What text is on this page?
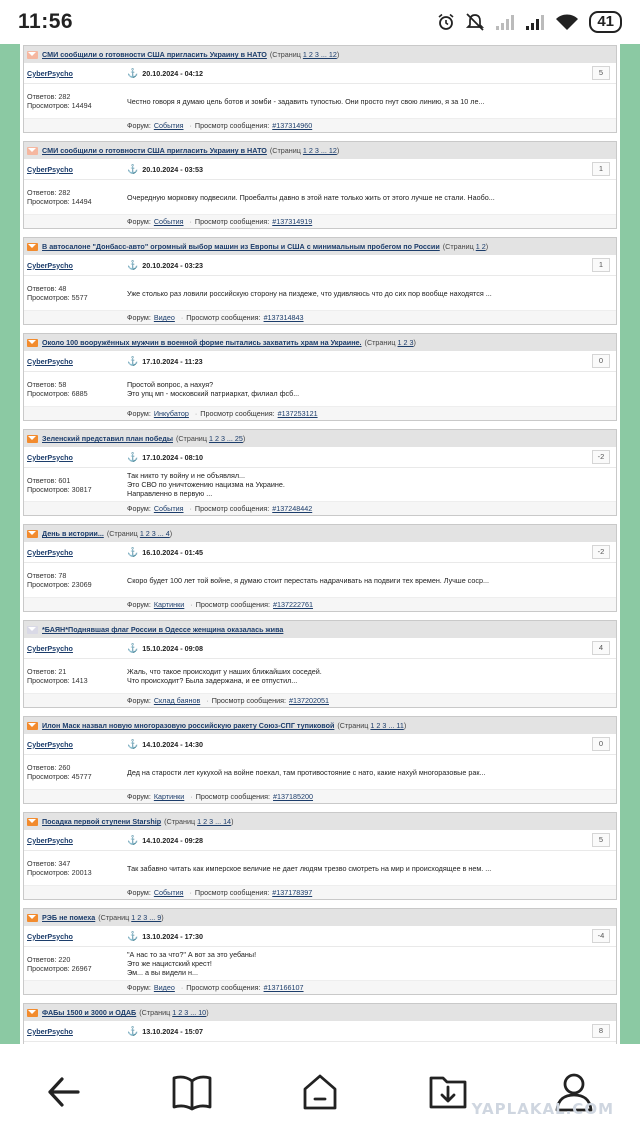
11:56	41
СМИ сообщили о готовности США пригласить Украину в НАТО (Страниц 1 2 3 ... 12)
CyberPsycho	⚓ 20.10.2024 - 04:12	5
Ответов: 282
Просмотров: 14494	Честно говоря я думаю цель ботов и зомби - задавить тупостью. Они просто гнут свою линию, я за 10 ле...
Форум: События · Просмотр сообщения: #137314960
СМИ сообщили о готовности США пригласить Украину в НАТО (Страниц 1 2 3 ... 12)
CyberPsycho	⚓ 20.10.2024 - 03:53	1
Ответов: 282
Просмотров: 14494	Очередную морковку подвесили. Проебалты давно в этой нате только жить от этого лучше не стали. Наобо...
Форум: События · Просмотр сообщения: #137314919
В автосалоне "Донбасс-авто" огромный выбор машин из Европы и США с минимальным пробегом по России (Страниц 1 2)
CyberPsycho	⚓ 20.10.2024 - 03:23	1
Ответов: 48
Просмотров: 5577	Уже столько раз ловили российскую сторону на пиздеже, что удивляюсь что до сих пор вообще находятся ...
Форум: Видео · Просмотр сообщения: #137314843
Около 100 вооружённых мужчин в военной форме пытались захватить храм на Украине. (Страниц 1 2 3)
CyberPsycho	⚓ 17.10.2024 - 11:23	0
Ответов: 58
Просмотров: 6885
Простой вопрос, а нахуя?
Это упц мп - московский патриархат, филиал фсб...
Форум: Инкубатор · Просмотр сообщения: #137253121
Зеленский представил план победы (Страниц 1 2 3 ... 25)
CyberPsycho	⚓ 17.10.2024 - 08:10	-2
Ответов: 601
Просмотров: 30817
Так никто ту войну и не объявлял...
Это СВО по уничтожению нацизма на Украине.
Направленно в первую ...
Форум: События · Просмотр сообщения: #137248442
День в истории... (Страниц 1 2 3 ... 4)
CyberPsycho	⚓ 16.10.2024 - 01:45	-2
Ответов: 78
Просмотров: 23069	Скоро будет 100 лет той войне, я думаю стоит перестать надрачивать на подвиги тех времен. Лучше соср...
Форум: Картинки · Просмотр сообщения: #137222761
*БАЯН*Поднявшая флаг России в Одессе женщина оказалась жива
CyberPsycho	⚓ 15.10.2024 - 09:08	4
Ответов: 21
Просмотров: 1413
Жаль, что такое происходит у наших ближайших соседей.
Что происходит? Была задержана, и ее отпустил...
Форум: Склад баянов · Просмотр сообщения: #137202051
Илон Маск назвал новую многоразовую российскую ракету Союз-СПГ тупиковой (Страниц 1 2 3 ... 11)
CyberPsycho	⚓ 14.10.2024 - 14:30	0
Ответов: 260
Просмотров: 45777	Дед на старости лет кукухой на войне поехал, там противостояние с нато, какие нахуй многоразовые рак...
Форум: Картинки · Просмотр сообщения: #137185200
Посадка первой ступени Starship (Страниц 1 2 3 ... 14)
CyberPsycho	⚓ 14.10.2024 - 09:28	5
Ответов: 347
Просмотров: 20013	Так забавно читать как имперское величие не дает людям трезво смотреть на мир и происходящее в нем. ...
Форум: События · Просмотр сообщения: #137178397
РЭБ не помеха (Страниц 1 2 3 ... 9)
CyberPsycho	⚓ 13.10.2024 - 17:30	-4
Ответов: 220
Просмотров: 26967
"А нас то за что?" А вот за это уебаны!
Это же нацистский крест!
Эм... а вы видели н...
Форум: Видео · Просмотр сообщения: #137166107
ФАБы 1500 и 3000 и ОДАБ (Страниц 1 2 3 ... 10)
CyberPsycho	⚓ 13.10.2024 - 15:07	8
YAPLAKAL.COM
